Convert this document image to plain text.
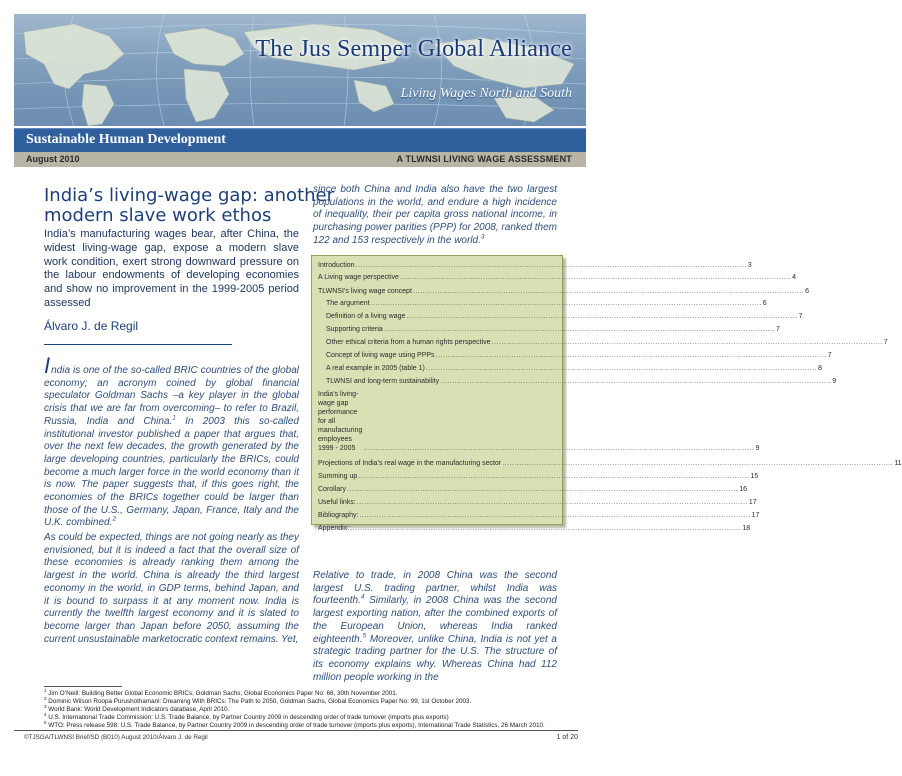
The Jus Semper Global Alliance
Living Wages North and South
Sustainable Human Development
August 2010	A TLWNSI LIVING WAGE ASSESSMENT
India’s living-wage gap: another
modern slave work ethos
India’s manufacturing wages bear, after China, the widest living-wage gap, expose a modern slave work condition, exert strong downward pressure on the labour endowments of developing economies and show no improvement in the 1999-2005 period assessed
Álvaro J. de Regil

India is one of the so-called BRIC countries of the global economy; an acronym coined by global financial speculator Goldman Sachs –a key player in the global crisis that we are far from overcoming– to refer to Brazil, Russia, India and China.$^1$ In 2003 this so-called institutional investor published a paper that argues that, over the next few decades, the growth generated by the large developing countries, particularly the BRICs, could become a much larger force in the world economy than it is now. The paper suggests that, if this goes right, the economies of the BRICs together could be larger than those of the U.S., Germany, Japan, France, Italy and the U.K. combined.$^2$

As could be expected, things are not going nearly as they envisioned, but it is indeed a fact that the overall size of these economies is already ranking them among the largest in the world. China is already the third largest economy in the world, in GDP terms, behind Japan, and it is bound to surpass it at any moment now. India is currently the twelfth largest economy and it is slated to become larger than Japan before 2050, assuming the current unsustainable marketocratic context remains. Yet,

since both China and India also have the two largest populations in the world, and endure a high incidence of inequality, their per capita gross national income, in purchasing power parities (PPP) for 2008, ranked them 122 and 153 respectively in the world.$^3$

Introduction ................................................................................................................................................................ 3
A Living wage perspective ................................................................................................................................................................ 4
TLWNSI’s living wage concept ................................................................................................................................................................ 6
The argument ................................................................................................................................................................ 6
Definition of a living wage ................................................................................................................................................................ 7
Supporting criteria ................................................................................................................................................................ 7
Other ethical criteria from a human rights perspective ................................................................................................................................................................ 7
Concept of living wage using PPPs ................................................................................................................................................................ 7
A real example in 2005 (table 1) ................................................................................................................................................................ 8
TLWNSI and long-term sustainability ................................................................................................................................................................ 9
India’s living-wage gap performance for all manufacturing employees 1999 - 2005	................................................................................................................................................................ 9
Projections of India’s real wage in the manufacturing sector ................................................................................................................................................................ 11
Summing up ................................................................................................................................................................ 15
Corollary ................................................................................................................................................................ 16
Useful links: ................................................................................................................................................................ 17
Bibliography: ................................................................................................................................................................ 17
Appendix: ................................................................................................................................................................ 18

Relative to trade, in 2008 China was the second largest U.S. trading partner, whilst India was fourteenth.$^4$ Similarly, in 2008 China was the second largest exporting nation, after the combined exports of the European Union, whereas India ranked eighteenth.$^5$ Moreover, unlike China, India is not yet a strategic trading partner for the U.S. The structure of its economy explains why. Whereas China had 112 million people working in the

$^1$ Jim O’Neill: Building Better Global Economic BRICs, Goldman Sachs, Global Economics Paper No: 66, 30th November 2001.

$^2$ Dominic Wilson Roopa Purushothamanl: Dreaming With BRICs: The Path to 2050, Goldman Sachs, Global Economics Paper No: 99, 1st October 2003.

$^3$ World Bank: World Development Indicators database, April 2010.

$^4$ U.S. International Trade Commission: U.S. Trade Balance, by Partner Country 2009 in descending order of trade turnover (imports plus exports)

$^5$ WTO: Press release 598: U.S. Trade Balance, by Partner Country 2009 in descending order of trade turnover (imports plus exports), International Trade Statistics, 26 March 2010.

©TJSGA/TLWNSI Brief/SD (B010) August 2010/Álvaro J. de Regil	1 of 20
